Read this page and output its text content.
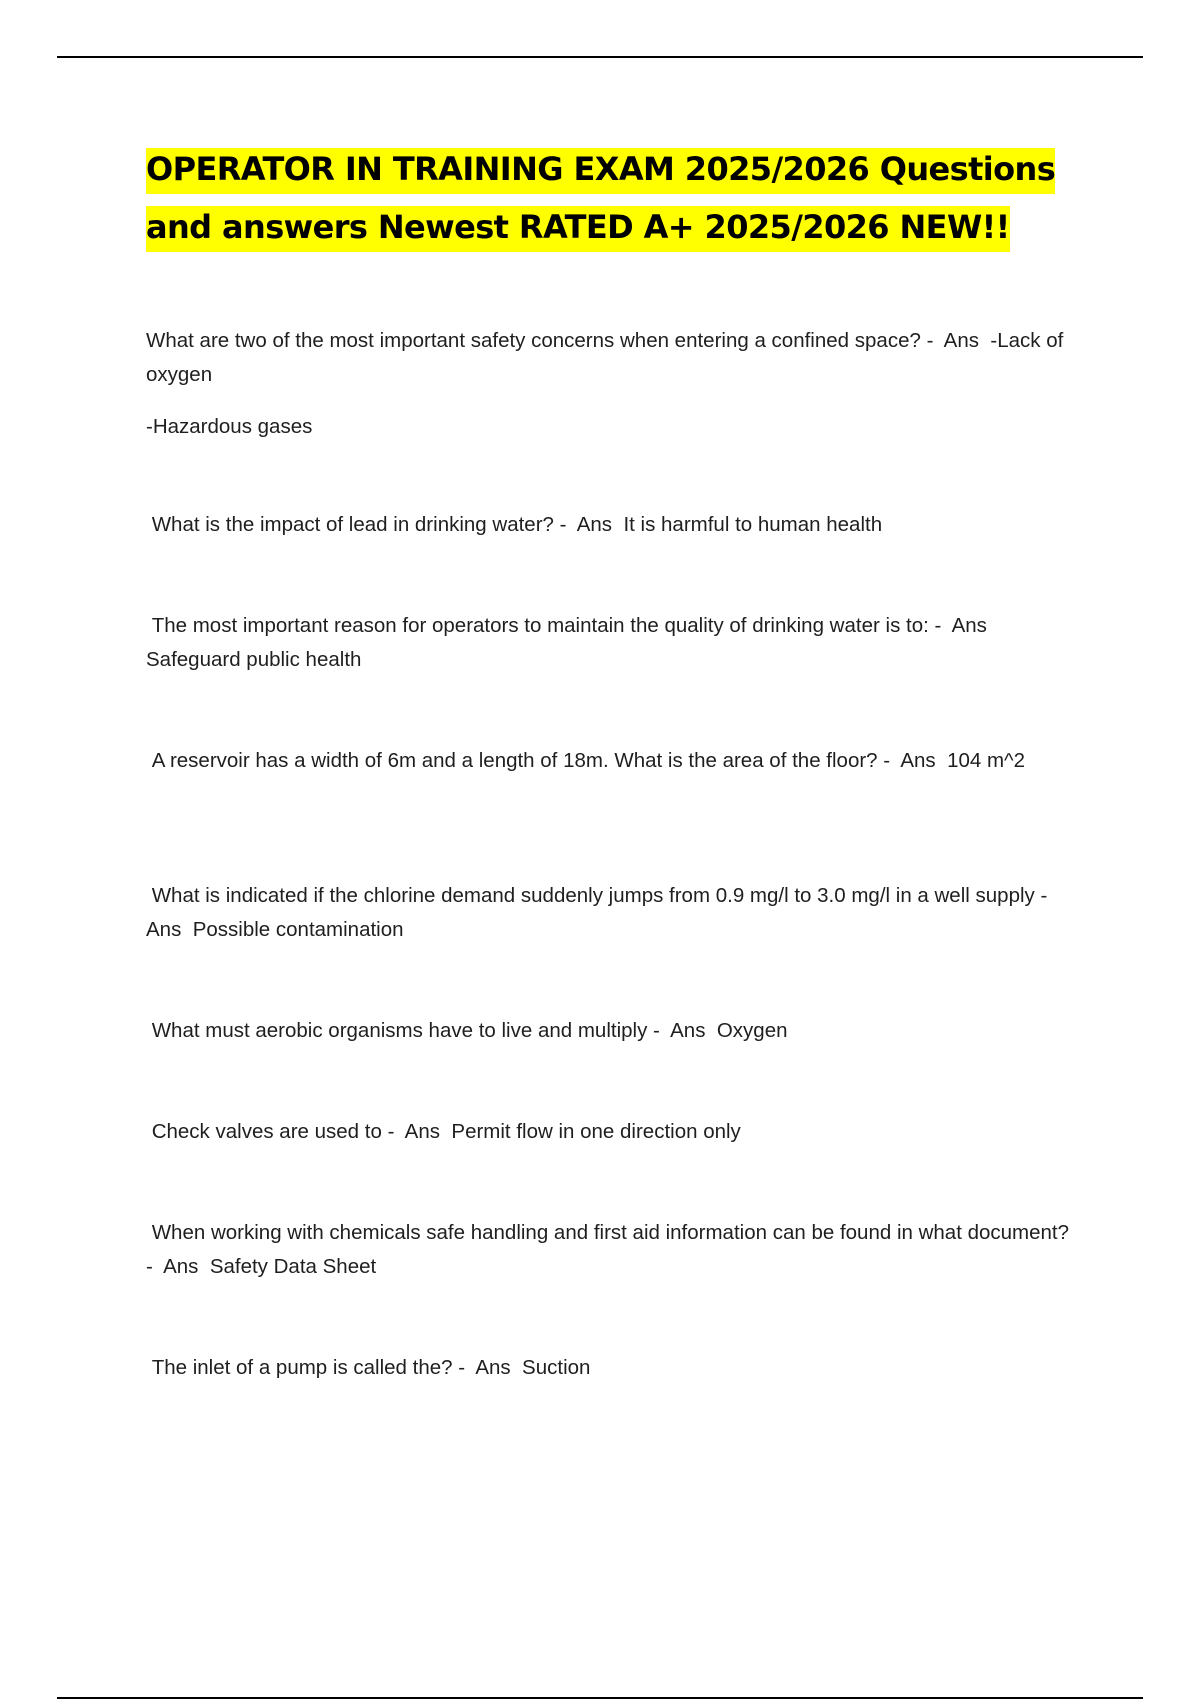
OPERATOR IN TRAINING EXAM 2025/2026 Questions and answers Newest RATED A+ 2025/2026 NEW!!

What are two of the most important safety concerns when entering a confined space? -  Ans  -Lack of oxygen

-Hazardous gases

What is the impact of lead in drinking water? -  Ans  It is harmful to human health

The most important reason for operators to maintain the quality of drinking water is to: -  Ans  Safeguard public health

A reservoir has a width of 6m and a length of 18m. What is the area of the floor? -  Ans  104 m^2

What is indicated if the chlorine demand suddenly jumps from 0.9 mg/l to 3.0 mg/l in a well supply -  Ans  Possible contamination

What must aerobic organisms have to live and multiply -  Ans  Oxygen

Check valves are used to -  Ans  Permit flow in one direction only

When working with chemicals safe handling and first aid information can be found in what document? -  Ans  Safety Data Sheet

The inlet of a pump is called the? -  Ans  Suction
